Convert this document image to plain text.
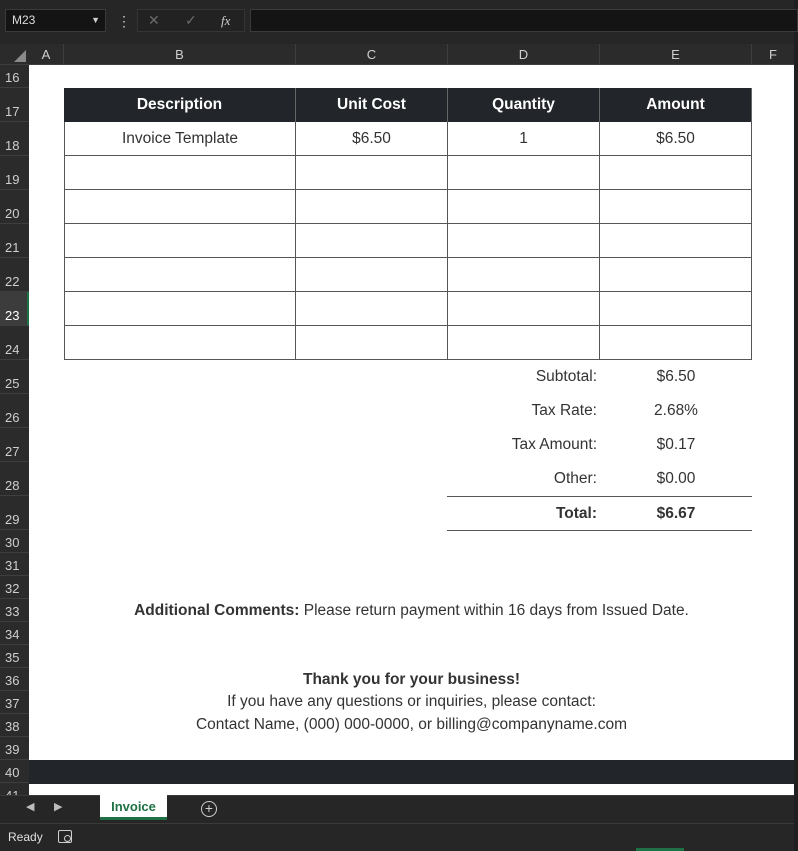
M23	▼ ⋮ ✕ ✓ fx
A	B	C	D	E	F
16
17
18
19
20
21
22
23
24
25
26
27
28
29
30
31
32
33
34
35
36
37
38
39
40
Description	Unit Cost	Quantity	Amount
Invoice Template	$6.50	1	$6.50
Subtotal:	$6.50
Tax Rate:	2.68%
Tax Amount:	$0.17
Other:	$0.00
Total:	$6.67
Additional Comments: Please return payment within 16 days from Issued Date.
Thank you for your business!
If you have any questions or inquiries, please contact:
Contact Name, (000) 000-0000, or billing@companyname.com
◀ ▶	Invoice	+
Ready
